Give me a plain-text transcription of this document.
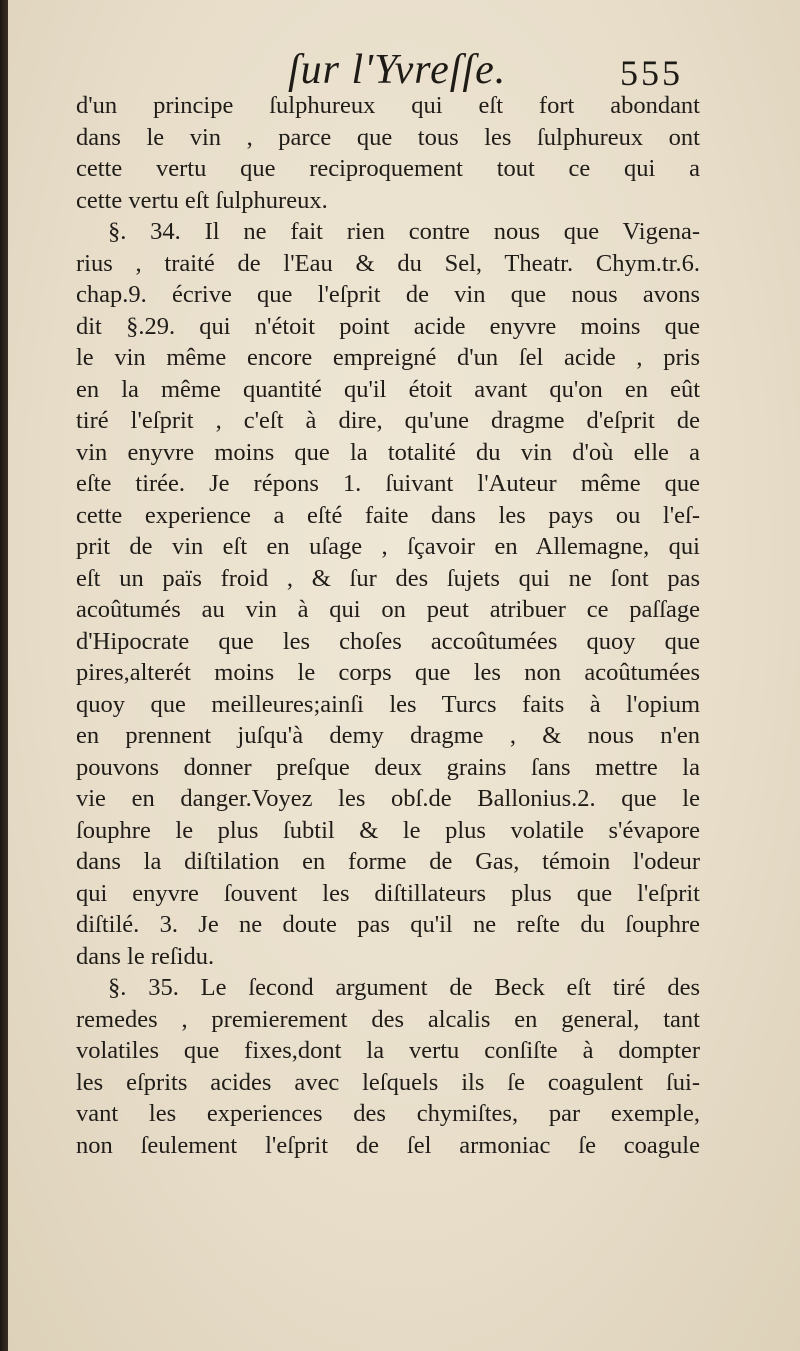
ſur l'Yvreſſe.	555
d'un principe ſulphureux qui eſt fort abondant
dans le vin , parce que tous les ſulphureux ont
cette vertu que reciproquement tout ce qui a
cette vertu eſt ſulphureux.
§. 34. Il ne fait rien contre nous que Vigena-
rius , traité de l'Eau & du Sel, Theatr. Chym.tr.6.
chap.9. écrive que l'eſprit de vin que nous avons
dit §.29. qui n'étoit point acide enyvre moins que
le vin même encore empreigné d'un ſel acide , pris
en la même quantité qu'il étoit avant qu'on en eût
tiré l'eſprit , c'eſt à dire, qu'une dragme d'eſprit de
vin enyvre moins que la totalité du vin d'où elle a
eſte tirée. Je répons 1. ſuivant l'Auteur même que
cette experience a eſté faite dans les pays ou l'eſ-
prit de vin eſt en uſage , ſçavoir en Allemagne, qui
eſt un païs froid , & ſur des ſujets qui ne ſont pas
acoûtumés au vin à qui on peut atribuer ce paſſage
d'Hipocrate que les choſes accoûtumées quoy que
pires,alterét moins le corps que les non acoûtumées
quoy que meilleures;ainſi les Turcs faits à l'opium
en prennent juſqu'à demy dragme , & nous n'en
pouvons donner preſque deux grains ſans mettre la
vie en danger.Voyez les obſ.de Ballonius.2. que le
ſouphre le plus ſubtil & le plus volatile s'évapore
dans la diſtilation en forme de Gas, témoin l'odeur
qui enyvre ſouvent les diſtillateurs plus que l'eſprit
diſtilé. 3. Je ne doute pas qu'il ne reſte du ſouphre
dans le reſidu.
§. 35. Le ſecond argument de Beck eſt tiré des
remedes , premierement des alcalis en general, tant
volatiles que fixes,dont la vertu conſiſte à dompter
les eſprits acides avec leſquels ils ſe coagulent ſui-
vant les experiences des chymiſtes, par exemple,
non ſeulement l'eſprit de ſel armoniac ſe coagule
